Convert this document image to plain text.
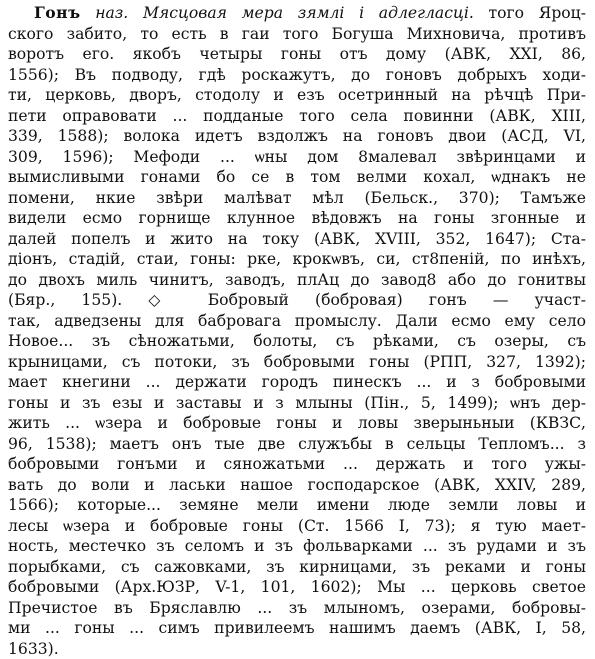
Гонъ наз. Мясцовая мера зямлі і адлегласці. того Яроц-
ского забито, то есть в гаи того Богуша Михновича, противъ
воротъ его. якобъ четыры гоны отъ дому (АВК, XXI, 86,
1556); Въ подводу, гдѣ роскажутъ, до гоновъ добрыхъ ходи-
ти, церковь, дворъ, стодолу и езъ осетринный на рѣчцѣ При-
пети оправовати ... подданые того села повинни (АВК, XIII,
339, 1588); волока идетъ вздолжъ на гоновъ двои (АСД, VI,
309, 1596); Мефоди ... ѡны дом 8малевал звѣринцами и
вымисливыми гонами бо се в том велми кохал, ѡднакъ не
помени, нкие звѣри малѣват мѣл (Бельск., 370); Тамъже
видели есмо горнище клунное вѣдовжъ на гоны згонные и
далей попелъ и жито на току (АВК, XVIII, 352, 1647); Ста-
діонъ, стадій, стаи, гоны: рке, крокѡвъ, си, ст8пеній, по инѣхъ,
до двохъ миль чинитъ, заводъ, плАц до завод8 або до гонитвы
(Бяр., 155). ◇ Бобровый (бобровая) гонъ — участ-
так, адведзены для бабровага промыслу. Дали есмо ему село
Новое... зъ сѣножатьми, болоты, съ рѣками, съ озеры, съ
крыницами, съ потоки, зъ бобровыми гоны (РПП, 327, 1392);
мает кнегини ... держати городъ пинескъ ... и з бобровыми
гоны и зъ езы и заставы и з млыны (Пін., 5, 1499); ѡнъ дер-
жить ... ѡзера и бобровые гоны и ловы зверыньныи (КВЗС,
96, 1538); маетъ онъ тые две служъбы в сельцы Тепломъ... з
бобровыми гонъми и сяножатьми ... держать и того ужы-
вать до воли и ласьки нашое господарское (АВК, XXIV, 289,
1566); которые... земяне мели имени люде земли ловы и
лесы ѡзера и бобровые гоны (Ст. 1566 I, 73); я тую мает-
ность, местечко зъ селомъ и зъ фольварками ... зъ рудами и зъ
порыбками, съ сажовками, зъ кирницами, зъ реками и гоны
бобровыми (Арх.ЮЗР, V-1, 101, 1602); Мы ... церковь светое
Пречистое въ Бряславлю ... зъ млыномъ, озерами, бобровы-
ми ... гоны ... симъ привилеемъ нашимъ даемъ (АВК, I, 58,
1633).
